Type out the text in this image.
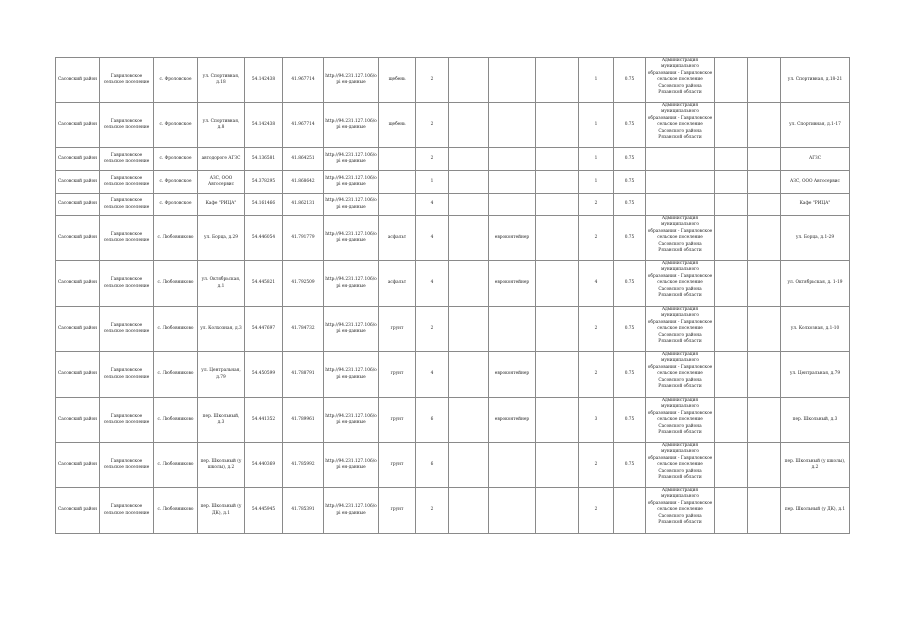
Сасовский район	Гавриловское сельское поселение	с. Фроловское	ул. Спортивная, д.18	54.142438	41.967714	http://94.231.127.106/opi ен-данные	щебень	2				1	0.75	Администрация муниципального образования - Гавриловское сельское поселение Сасовского района Рязанской области			ул. Спортивная, д.18-21
Сасовский район	Гавриловское сельское поселение	с. Фроловское	ул. Спортивная, д.8	54.142438	41.967714	http://94.231.127.106/opi ен-данные	щебень	2				1	0.75	Администрация муниципального образования - Гавриловское сельское поселение Сасовского района Рязанской области			ул. Спортивная, д.1-17
Сасовский район	Гавриловское сельское поселение	с. Фроловское	автодороге АГЗС	54.136581	41.864251	http://94.231.127.106/opi ен-данные		2				1	0.75				АГЗС
Сасовский район	Гавриловское сельское поселение	с. Фроловское	АЗС, ООО Автосервис	54.378295	41.868642	http://94.231.127.106/opi ен-данные		1				1	0.75				АЗС, ООО Автосервис
Сасовский район	Гавриловское сельское поселение	с. Фроловское	Кафе "РИЦА"	54.161466	41.862131	http://94.231.127.106/opi ен-данные		4				2	0.75				Кафе "РИЦА"
Сасовский район	Гавриловское сельское поселение	с. Любовниково	ул. Борца, д.29	54.446054	41.791779	http://94.231.127.106/opi ен-данные	асфальт	4		евроконтейнер		2	0.75	Администрация муниципального образования - Гавриловское сельское поселение Сасовского района Рязанской области			ул. Борца, д.1-29
Сасовский район	Гавриловское сельское поселение	с. Любовниково	ул. Октябрьская, д.1	54.445821	41.792509	http://94.231.127.106/opi ен-данные	асфальт	4		евроконтейнер		4	0.75	Администрация муниципального образования - Гавриловское сельское поселение Сасовского района Рязанской области			ул. Октябрьская, д. 1-19
Сасовский район	Гавриловское сельское поселение	с. Любовниково	ул. Колхозная, д.3	54.447697	41.784732	http://94.231.127.106/opi ен-данные	грунт	2				2	0.75	Администрация муниципального образования - Гавриловское сельское поселение Сасовского района Рязанской области			ул. Колхозная, д.1-10
Сасовский район	Гавриловское сельское поселение	с. Любовниково	ул. Центральная, д.79	54.450599	41.788791	http://94.231.127.106/opi ен-данные	грунт	4		евроконтейнер		2	0.75	Администрация муниципального образования - Гавриловское сельское поселение Сасовского района Рязанской области			ул. Центральная, д.79
Сасовский район	Гавриловское сельское поселение	с. Любовниково	пер. Школьный, д.3	54.441352	41.789961	http://94.231.127.106/opi ен-данные	грунт	6		евроконтейнер		3	0.75	Администрация муниципального образования - Гавриловское сельское поселение Сасовского района Рязанской области			пер. Школьный, д.3
Сасовский район	Гавриловское сельское поселение	с. Любовниково	пер. Школьный (у школы), д.2	54.440369	41.785992	http://94.231.127.106/opi ен-данные	грунт	6				2	0.75	Администрация муниципального образования - Гавриловское сельское поселение Сасовского района Рязанской области			пер. Школьный (у школы), д.2
Сасовский район	Гавриловское сельское поселение	с. Любовниково	пер. Школьный (у ДК), д.1	54.445945	41.785391	http://94.231.127.106/opi ен-данные	грунт	2				2		Администрация муниципального образования - Гавриловское сельское поселение Сасовского района Рязанской области			пер. Школьный (у ДК), д.1
